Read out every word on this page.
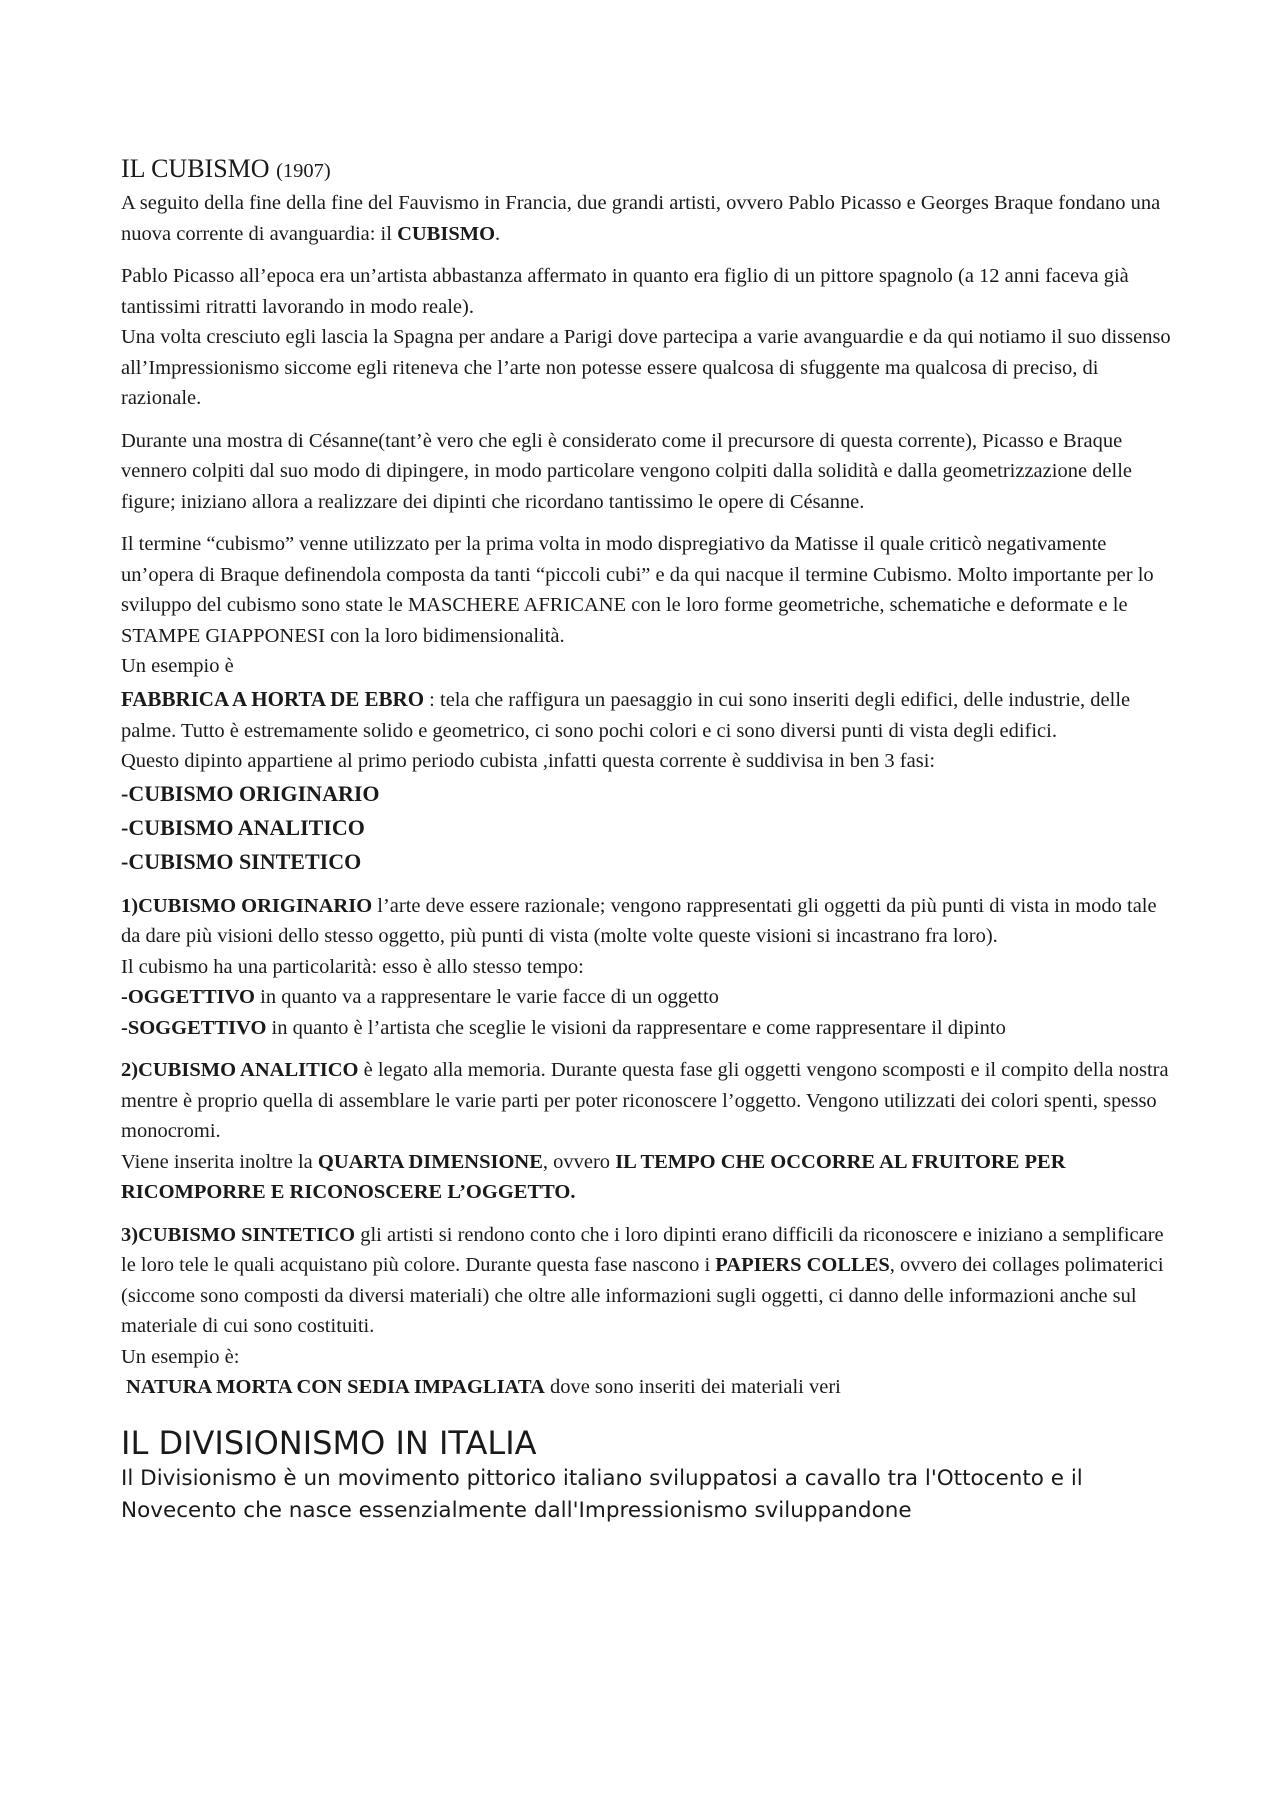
IL CUBISMO (1907)

A seguito della fine della fine del Fauvismo in Francia, due grandi artisti, ovvero Pablo Picasso e Georges Braque fondano una nuova corrente di avanguardia: il CUBISMO.

Pablo Picasso all’epoca era un’artista abbastanza affermato in quanto era figlio di un pittore spagnolo (a 12 anni faceva già tantissimi ritratti lavorando in modo reale).

Una volta cresciuto egli lascia la Spagna per andare a Parigi dove partecipa a varie avanguardie e da qui notiamo il suo dissenso all’Impressionismo siccome egli riteneva che l’arte non potesse essere qualcosa di sfuggente ma qualcosa di preciso, di razionale.

Durante una mostra di Césanne(tant’è vero che egli è considerato come il precursore di questa corrente), Picasso e Braque vennero colpiti dal suo modo di dipingere, in modo particolare vengono colpiti dalla solidità e dalla geometrizzazione delle figure; iniziano allora a realizzare dei dipinti che ricordano tantissimo le opere di Césanne.

Il termine “cubismo” venne utilizzato per la prima volta in modo dispregiativo da Matisse il quale criticò negativamente un’opera di Braque definendola composta da tanti “piccoli cubi” e da qui nacque il termine Cubismo. Molto importante per lo sviluppo del cubismo sono state le MASCHERE AFRICANE con le loro forme geometriche, schematiche e deformate e le STAMPE GIAPPONESI con la loro bidimensionalità.

Un esempio è

FABBRICA A HORTA DE EBRO : tela che raffigura un paesaggio in cui sono inseriti degli edifici, delle industrie, delle palme. Tutto è estremamente solido e geometrico, ci sono pochi colori e ci sono diversi punti di vista degli edifici.

Questo dipinto appartiene al primo periodo cubista ,infatti questa corrente è suddivisa in ben 3 fasi:

-CUBISMO ORIGINARIO

-CUBISMO ANALITICO

-CUBISMO SINTETICO

1)CUBISMO ORIGINARIO l’arte deve essere razionale; vengono rappresentati gli oggetti da più punti di vista in modo tale da dare più visioni dello stesso oggetto, più punti di vista (molte volte queste visioni si incastrano fra loro).

Il cubismo ha una particolarità: esso è allo stesso tempo:

-OGGETTIVO in quanto va a rappresentare le varie facce di un oggetto

-SOGGETTIVO in quanto è l’artista che sceglie le visioni da rappresentare e come rappresentare il dipinto

2)CUBISMO ANALITICO è legato alla memoria. Durante questa fase gli oggetti vengono scomposti e il compito della nostra mentre è proprio quella di assemblare le varie parti per poter riconoscere l’oggetto. Vengono utilizzati dei colori spenti, spesso monocromi.

Viene inserita inoltre la QUARTA DIMENSIONE, ovvero IL TEMPO CHE OCCORRE AL FRUITORE PER RICOMPORRE E RICONOSCERE L’OGGETTO.

3)CUBISMO SINTETICO gli artisti si rendono conto che i loro dipinti erano difficili da riconoscere e iniziano a semplificare le loro tele le quali acquistano più colore. Durante questa fase nascono i PAPIERS COLLES, ovvero dei collages polimaterici (siccome sono composti da diversi materiali) che oltre alle informazioni sugli oggetti, ci danno delle informazioni anche sul materiale di cui sono costituiti.

Un esempio è:

NATURA MORTA CON SEDIA IMPAGLIATA dove sono inseriti dei materiali veri

IL DIVISIONISMO IN ITALIA

Il Divisionismo è un movimento pittorico italiano sviluppatosi a cavallo tra l'Ottocento e il Novecento che nasce essenzialmente dall'Impressionismo sviluppandone
